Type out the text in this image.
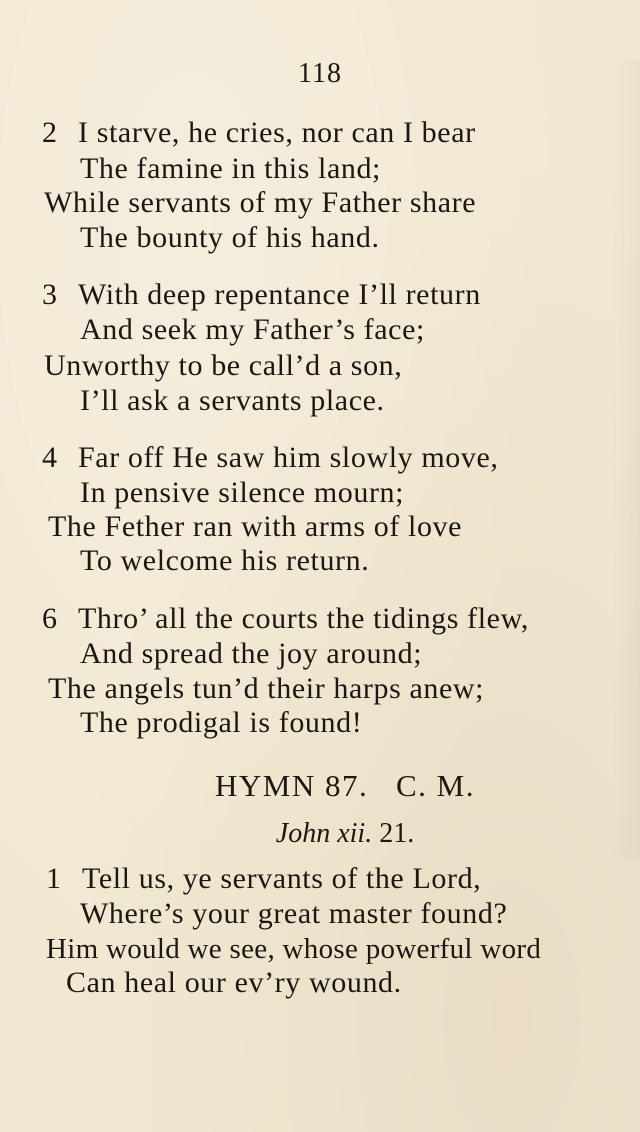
118
2 I starve, he cries, nor can I bear
The famine in this land;
While servants of my Father share
The bounty of his hand.
3 With deep repentance I’ll return
And seek my Father’s face;
Unworthy to be call’d a son,
I’ll ask a servants place.
4 Far off He saw him slowly move,
In pensive silence mourn;
The Fether ran with arms of love
To welcome his return.
6 Thro’ all the courts the tidings flew,
And spread the joy around;
The angels tun’d their harps anew;
The prodigal is found!
HYMN 87.   C. M.
John xii. 21.
1 Tell us, ye servants of the Lord,
Where’s your great master found?
Him would we see, whose powerful word
Can heal our ev’ry wound.
